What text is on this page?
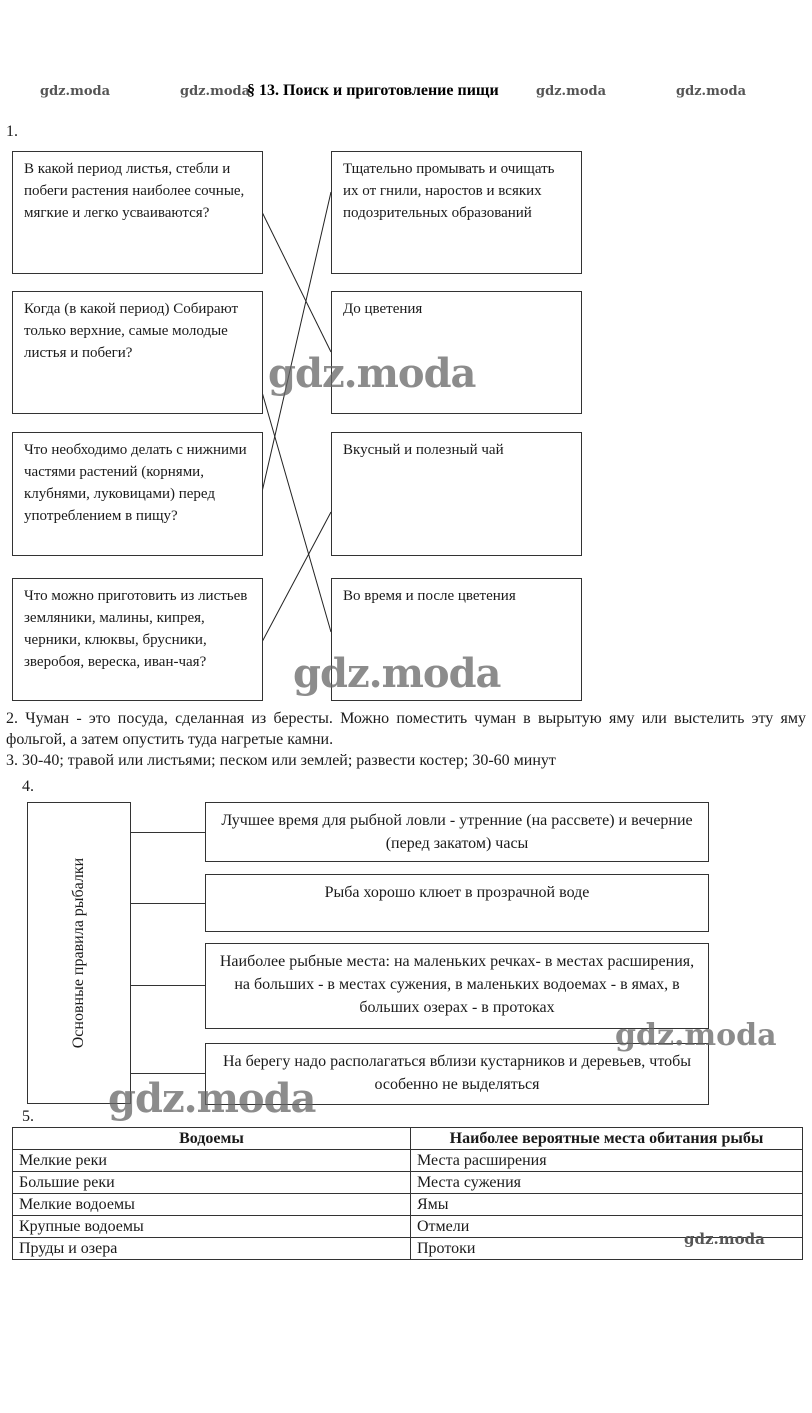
gdz.moda	gdz.moda
§ 13. Поиск и приготовление пищи	gdz.moda	gdz.moda
1.
В какой период листья, стебли и побеги растения наиболее сочные, мягкие и легко усваиваются?
Когда (в какой период) Собирают только верхние, самые молодые листья и побеги?
Что необходимо делать с нижними частями растений (корнями, клубнями, луковицами) перед употреблением в пищу?
Что можно приготовить из листьев земляники, малины, кипрея, черники, клюквы, брусники, зверобоя, вереска, иван-чая?
Тщательно промывать и очищать их от гнили, наростов и всяких подозрительных образований
До цветения
Вкусный и полезный чай
Во время и после цветения
gdz.moda
gdz.moda
2. Чуман - это посуда, сделанная из бересты. Можно поместить чуман в вырытую яму или выстелить эту яму фольгой, а затем опустить туда нагретые камни.
3. 30-40; травой или листьями; песком или землей; развести костер; 30-60 минут
4.
Основные правила рыбалки
Лучшее время для рыбной ловли - утренние (на рассвете) и вечерние (перед закатом) часы
Рыба хорошо клюет в прозрачной воде
Наиболее рыбные места: на маленьких речках- в местах расширения, на больших - в местах сужения, в маленьких водоемах - в ямах, в больших озерах - в протоках
На берегу надо располагаться вблизи кустарников и деревьев, чтобы особенно не выделяться
gdz.moda
gdz.moda
5.
Водоемы	Наиболее вероятные места обитания рыбы
Мелкие реки	Места расширения
Большие реки	Места сужения
Мелкие водоемы	Ямы
Крупные водоемы	Отмели
Пруды и озера	Протоки	gdz.moda
